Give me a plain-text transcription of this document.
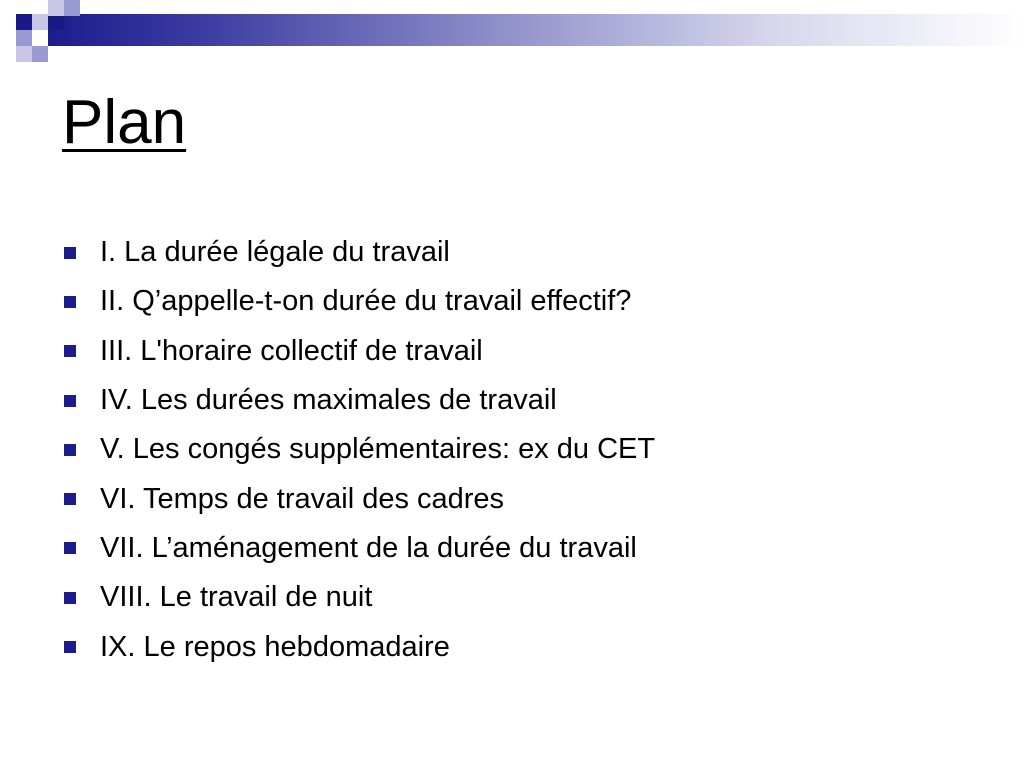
Plan
I. La durée légale du travail
II. Q’appelle-t-on durée du travail effectif?
III. L'horaire collectif de travail
IV. Les durées maximales de travail
V. Les congés supplémentaires: ex du CET
VI. Temps de travail des cadres
VII. L’aménagement de la durée du travail
VIII. Le travail de nuit
IX. Le repos hebdomadaire
